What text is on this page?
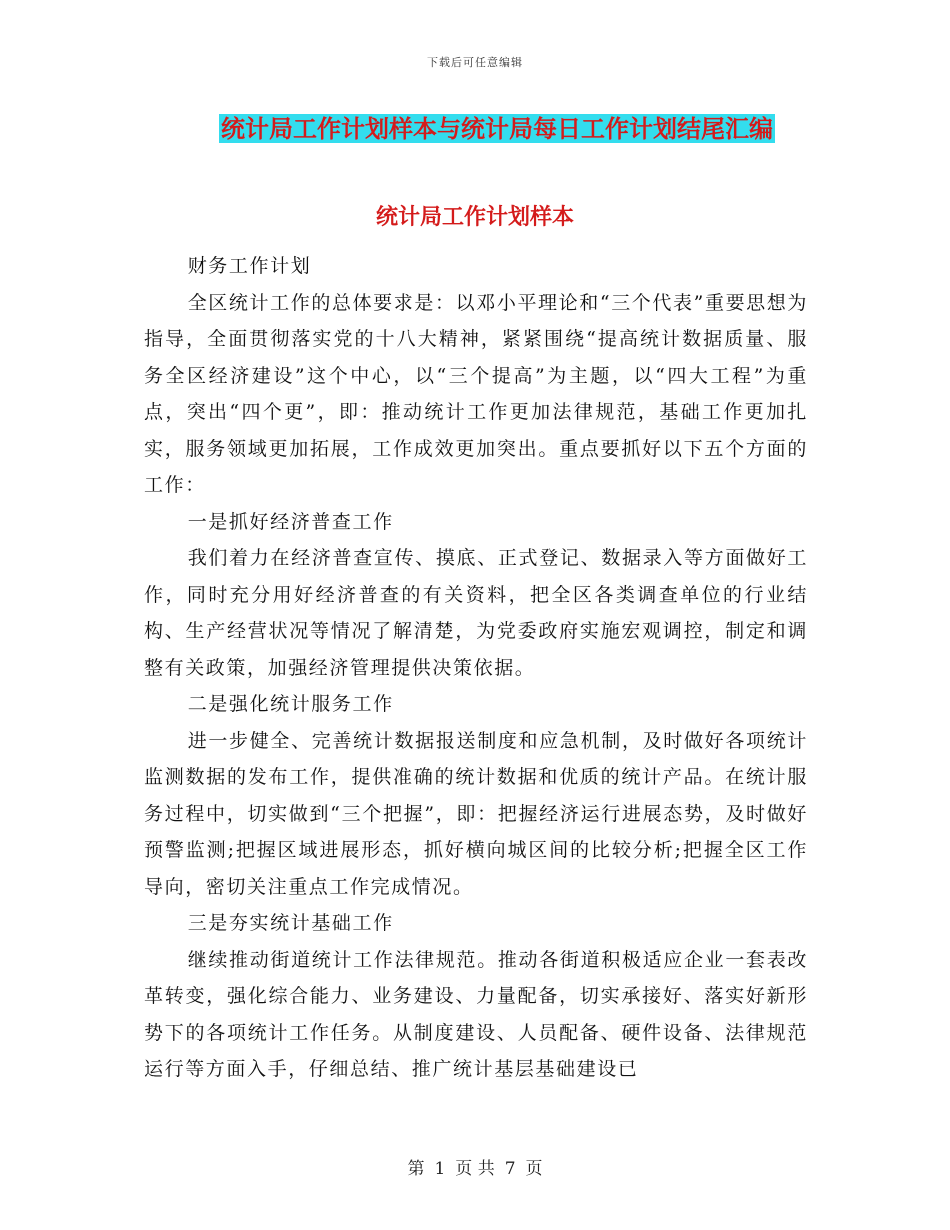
下载后可任意编辑
统计局工作计划样本与统计局每日工作计划结尾汇编
统计局工作计划样本

财务工作计划

全区统计工作的总体要求是：以邓小平理论和“三个代表”重要思想为指导，全面贯彻落实党的十八大精神，紧紧围绕“提高统计数据质量、服务全区经济建设”这个中心，以“三个提高”为主题，以“四大工程”为重点，突出“四个更”，即：推动统计工作更加法律规范，基础工作更加扎实，服务领域更加拓展，工作成效更加突出。重点要抓好以下五个方面的工作：

一是抓好经济普查工作

我们着力在经济普查宣传、摸底、正式登记、数据录入等方面做好工作，同时充分用好经济普查的有关资料，把全区各类调查单位的行业结构、生产经营状况等情况了解清楚，为党委政府实施宏观调控，制定和调整有关政策，加强经济管理提供决策依据。

二是强化统计服务工作

进一步健全、完善统计数据报送制度和应急机制，及时做好各项统计监测数据的发布工作，提供准确的统计数据和优质的统计产品。在统计服务过程中，切实做到“三个把握”，即：把握经济运行进展态势，及时做好预警监测;把握区域进展形态，抓好横向城区间的比较分析;把握全区工作导向，密切关注重点工作完成情况。

三是夯实统计基础工作

继续推动街道统计工作法律规范。推动各街道积极适应企业一套表改革转变，强化综合能力、业务建设、力量配备，切实承接好、落实好新形势下的各项统计工作任务。从制度建设、人员配备、硬件设备、法律规范运行等方面入手，仔细总结、推广统计基层基础建设已

第 1 页 共 7 页
